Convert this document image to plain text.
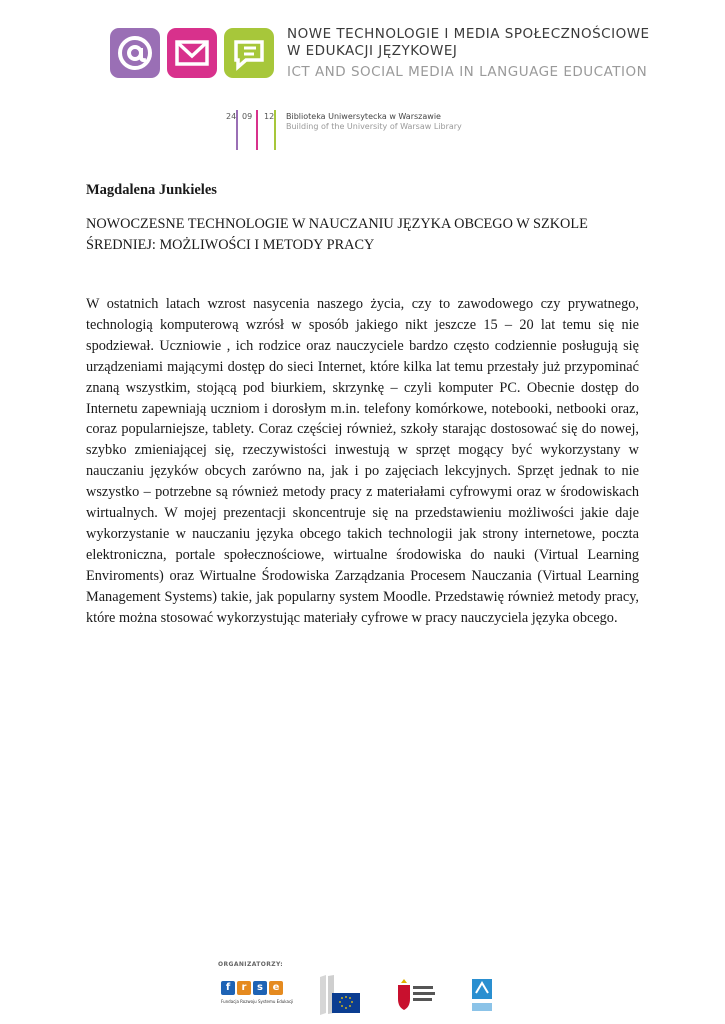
NOWE TECHNOLOGIE I MEDIA SPOŁECZNOŚCIOWE
W EDUKACJI JĘZYKOWEJ
ICT AND SOCIAL MEDIA IN LANGUAGE EDUCATION
24 09 12 Biblioteka Uniwersytecka w Warszawie
Building of the University of Warsaw Library
Magdalena Junkieles
NOWOCZESNE TECHNOLOGIE W NAUCZANIU JĘZYKA OBCEGO W SZKOLE ŚREDNIEJ: MOŻLIWOŚCI I METODY PRACY
W ostatnich latach wzrost nasycenia naszego życia, czy to zawodowego czy prywatnego, technologią komputerową wzrósł w sposób jakiego nikt jeszcze 15 – 20 lat temu się nie spodziewał. Uczniowie , ich rodzice oraz nauczyciele bardzo często codziennie posługują się urządzeniami mającymi dostęp do sieci Internet, które kilka lat temu przestały już przypominać znaną wszystkim, stojącą pod biurkiem, skrzynkę – czyli komputer PC. Obecnie dostęp do Internetu zapewniają uczniom i dorosłym m.in. telefony komórkowe, notebooki, netbooki oraz, coraz popularniejsze, tablety. Coraz częściej również, szkoły starając dostosować się do nowej, szybko zmieniającej się, rzeczywistości inwestują w sprzęt mogący być wykorzystany w nauczaniu języków obcych zarówno na, jak i po zajęciach lekcyjnych. Sprzęt jednak to nie wszystko – potrzebne są również metody pracy z materiałami cyfrowymi oraz w środowiskach wirtualnych. W mojej prezentacji skoncentruje się na przedstawieniu możliwości jakie daje wykorzystanie w nauczaniu języka obcego takich technologii jak strony internetowe, poczta elektroniczna, portale społecznościowe, wirtualne środowiska do nauki (Virtual Learning Enviroments) oraz Wirtualne Środowiska Zarządzania Procesem Nauczania (Virtual Learning Management Systems) takie, jak popularny system Moodle. Przedstawię również metody pracy, które można stosować wykorzystując materiały cyfrowe w pracy nauczyciela języka obcego.
ORGANIZATORZY:
f	r	s e
Fundacja Rozwoju Systemu Edukacji
